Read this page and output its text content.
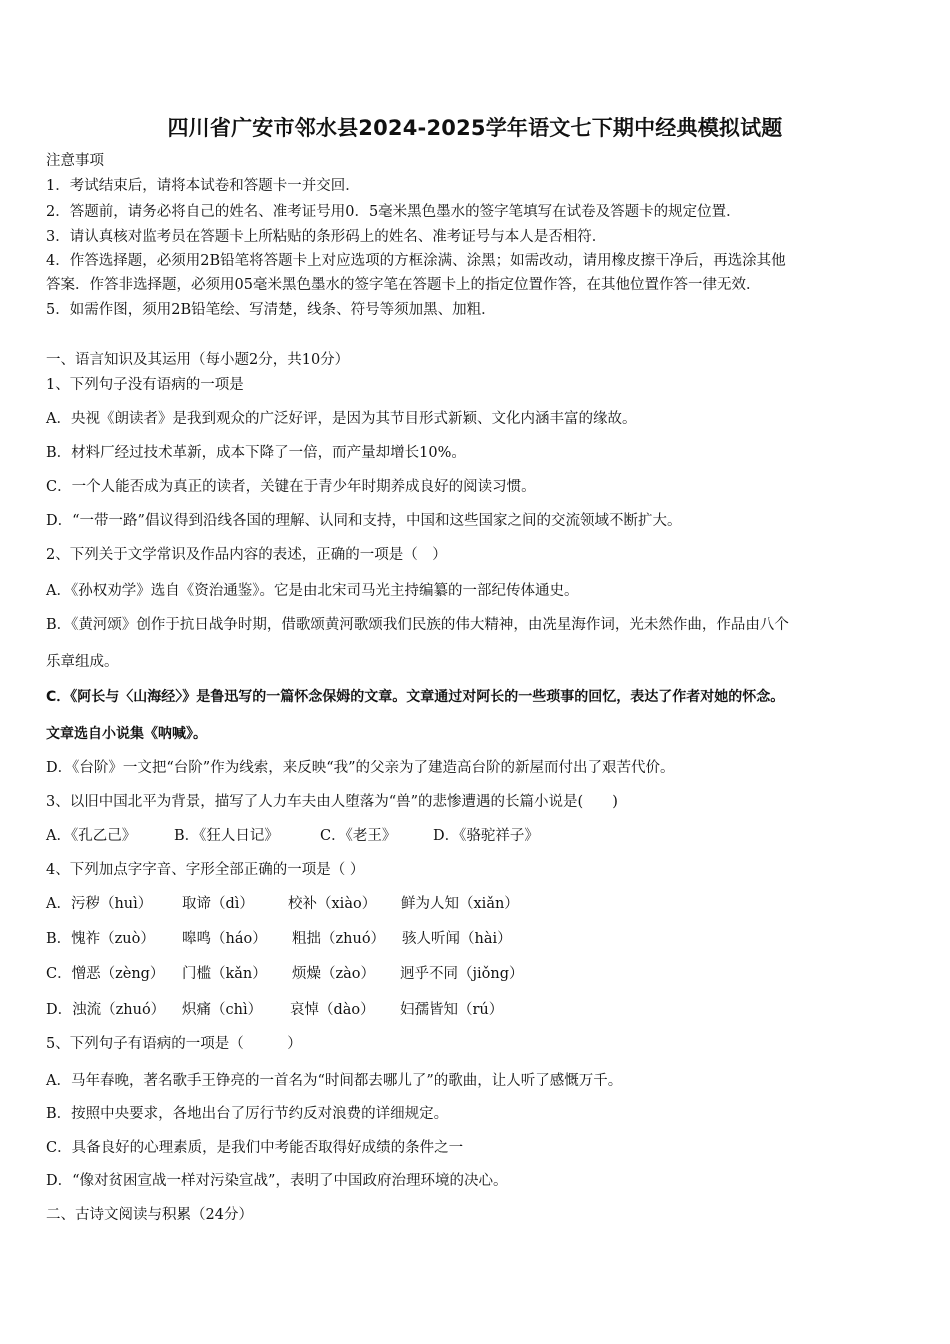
四川省广安市邻水县2024-2025学年语文七下期中经典模拟试题
注意事项
1．考试结束后，请将本试卷和答题卡一并交回．
2．答题前，请务必将自己的姓名、准考证号用0．5毫米黑色墨水的签字笔填写在试卷及答题卡的规定位置．
3．请认真核对监考员在答题卡上所粘贴的条形码上的姓名、准考证号与本人是否相符．
4．作答选择题，必须用2B铅笔将答题卡上对应选项的方框涂满、涂黑；如需改动，请用橡皮擦干净后，再选涂其他
答案．作答非选择题，必须用05毫米黑色墨水的签字笔在答题卡上的指定位置作答，在其他位置作答一律无效．
5．如需作图，须用2B铅笔绘、写清楚，线条、符号等须加黑、加粗．
一、语言知识及其运用（每小题2分，共10分）
1、下列句子没有语病的一项是
A．央视《朗读者》是我到观众的广泛好评，是因为其节目形式新颖、文化内涵丰富的缘故。
B．材料厂经过技术革新，成本下降了一倍，而产量却增长10%。
C．一个人能否成为真正的读者，关键在于青少年时期养成良好的阅读习惯。
D．“一带一路”倡议得到沿线各国的理解、认同和支持，中国和这些国家之间的交流领域不断扩大。
2、下列关于文学常识及作品内容的表述，正确的一项是（　）
A．《孙权劝学》选自《资治通鉴》。它是由北宋司马光主持编纂的一部纪传体通史。
B．《黄河颂》创作于抗日战争时期，借歌颂黄河歌颂我们民族的伟大精神，由冼星海作词，光未然作曲，作品由八个
乐章组成。
C．《阿长与〈山海经〉》是鲁迅写的一篇怀念保姆的文章。文章通过对阿长的一些琐事的回忆，表达了作者对她的怀念。
文章选自小说集《呐喊》。
D．《台阶》一文把“台阶”作为线索，来反映“我”的父亲为了建造高台阶的新屋而付出了艰苦代价。
3、以旧中国北平为背景，描写了人力车夫由人堕落为“兽”的悲惨遭遇的长篇小说是(　　)
A．《孔乙己》	B．《狂人日记》	C．《老王》	D．《骆驼祥子》
4、下列加点字字音、字形全部正确的一项是（ ）
A．污秽（huì） 取谛（dì） 校补（xiào） 鲜为人知（xiǎn）
B．愧祚（zuò） 嗥鸣（háo） 粗拙（zhuó） 骇人听闻（hài）
C．憎恶（zèng） 门槛（kǎn） 烦燥（zào） 迥乎不同（jiǒng）
D．浊流（zhuó） 炽痛（chì） 哀悼（dào） 妇孺皆知（rú）
5、下列句子有语病的一项是（　　　）
A．马年春晚，著名歌手王铮亮的一首名为“时间都去哪儿了”的歌曲，让人听了感慨万千。
B．按照中央要求，各地出台了厉行节约反对浪费的详细规定。
C．具备良好的心理素质，是我们中考能否取得好成绩的条件之一
D．“像对贫困宣战一样对污染宣战”，表明了中国政府治理环境的决心。
二、古诗文阅读与积累（24分）
